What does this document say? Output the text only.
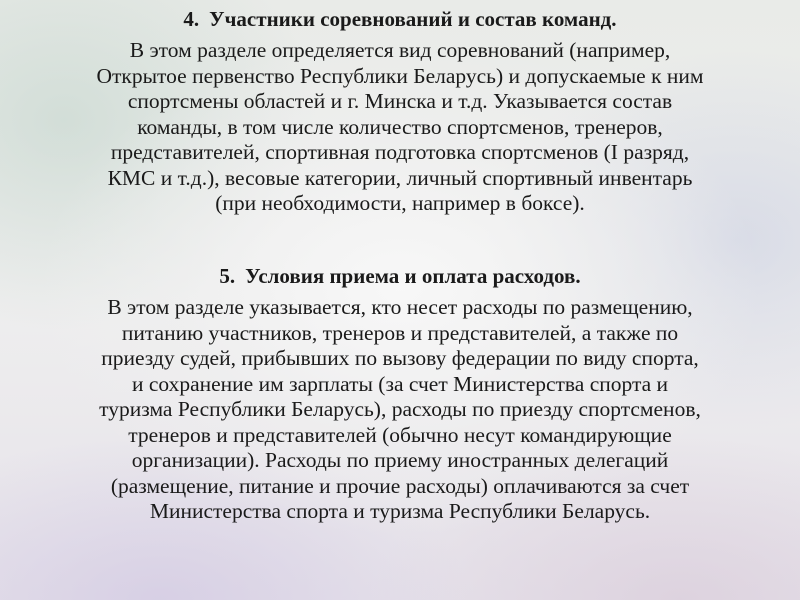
4. Участники соревнований и состав команд.

В этом разделе определяется вид соревнований (например,
Открытое первенство Республики Беларусь) и допускаемые к ним
спортсмены областей и г. Минска и т.д. Указывается состав
команды, в том числе количество спортсменов, тренеров,
представителей, спортивная подготовка спортсменов (I разряд,
КМС и т.д.), весовые категории, личный спортивный инвентарь
(при необходимости, например в боксе).

5. Условия приема и оплата расходов.

В этом разделе указывается, кто несет расходы по размещению,
питанию участников, тренеров и представителей, а также по
приезду судей, прибывших по вызову федерации по виду спорта,
и сохранение им зарплаты (за счет Министерства спорта и
туризма Республики Беларусь), расходы по приезду спортсменов,
тренеров и представителей (обычно несут командирующие
организации). Расходы по приему иностранных делегаций
(размещение, питание и прочие расходы) оплачиваются за счет
Министерства спорта и туризма Республики Беларусь.
